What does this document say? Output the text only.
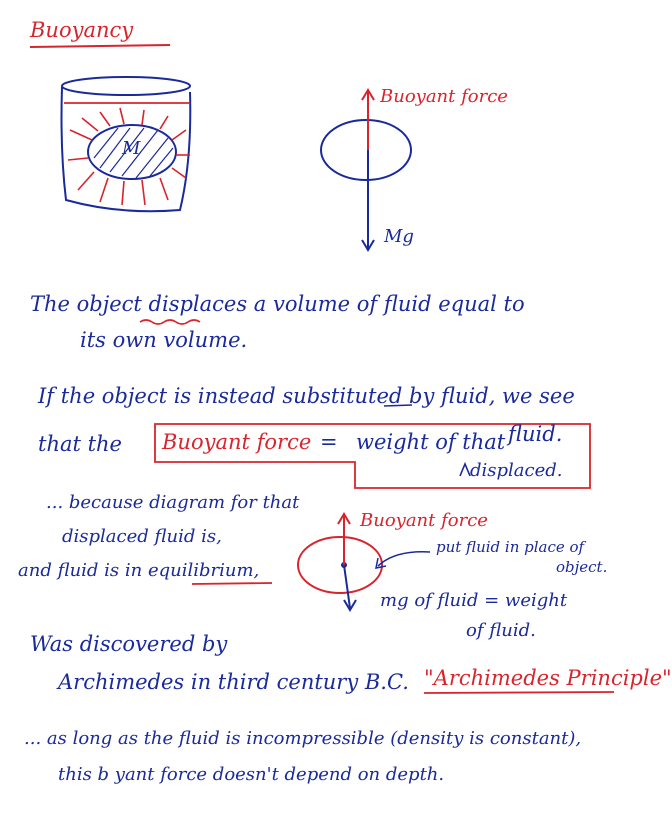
Buoyancy
M
Buoyant force
Mg
The object displaces a volume of fluid equal to
its own volume.
If the object is instead substituted by fluid, we see
that the Buoyant force = weight of that fluid.
displaced.
... because diagram for that
displaced fluid is,
and fluid is in equilibrium,
Buoyant force
put fluid in place of
object.
mg of fluid = weight
of fluid.
Was discovered by
Archimedes in third century B.C. "Archimedes Principle"
... as long as the fluid is incompressible (density is constant),
this b yant force doesn't depend on depth.
